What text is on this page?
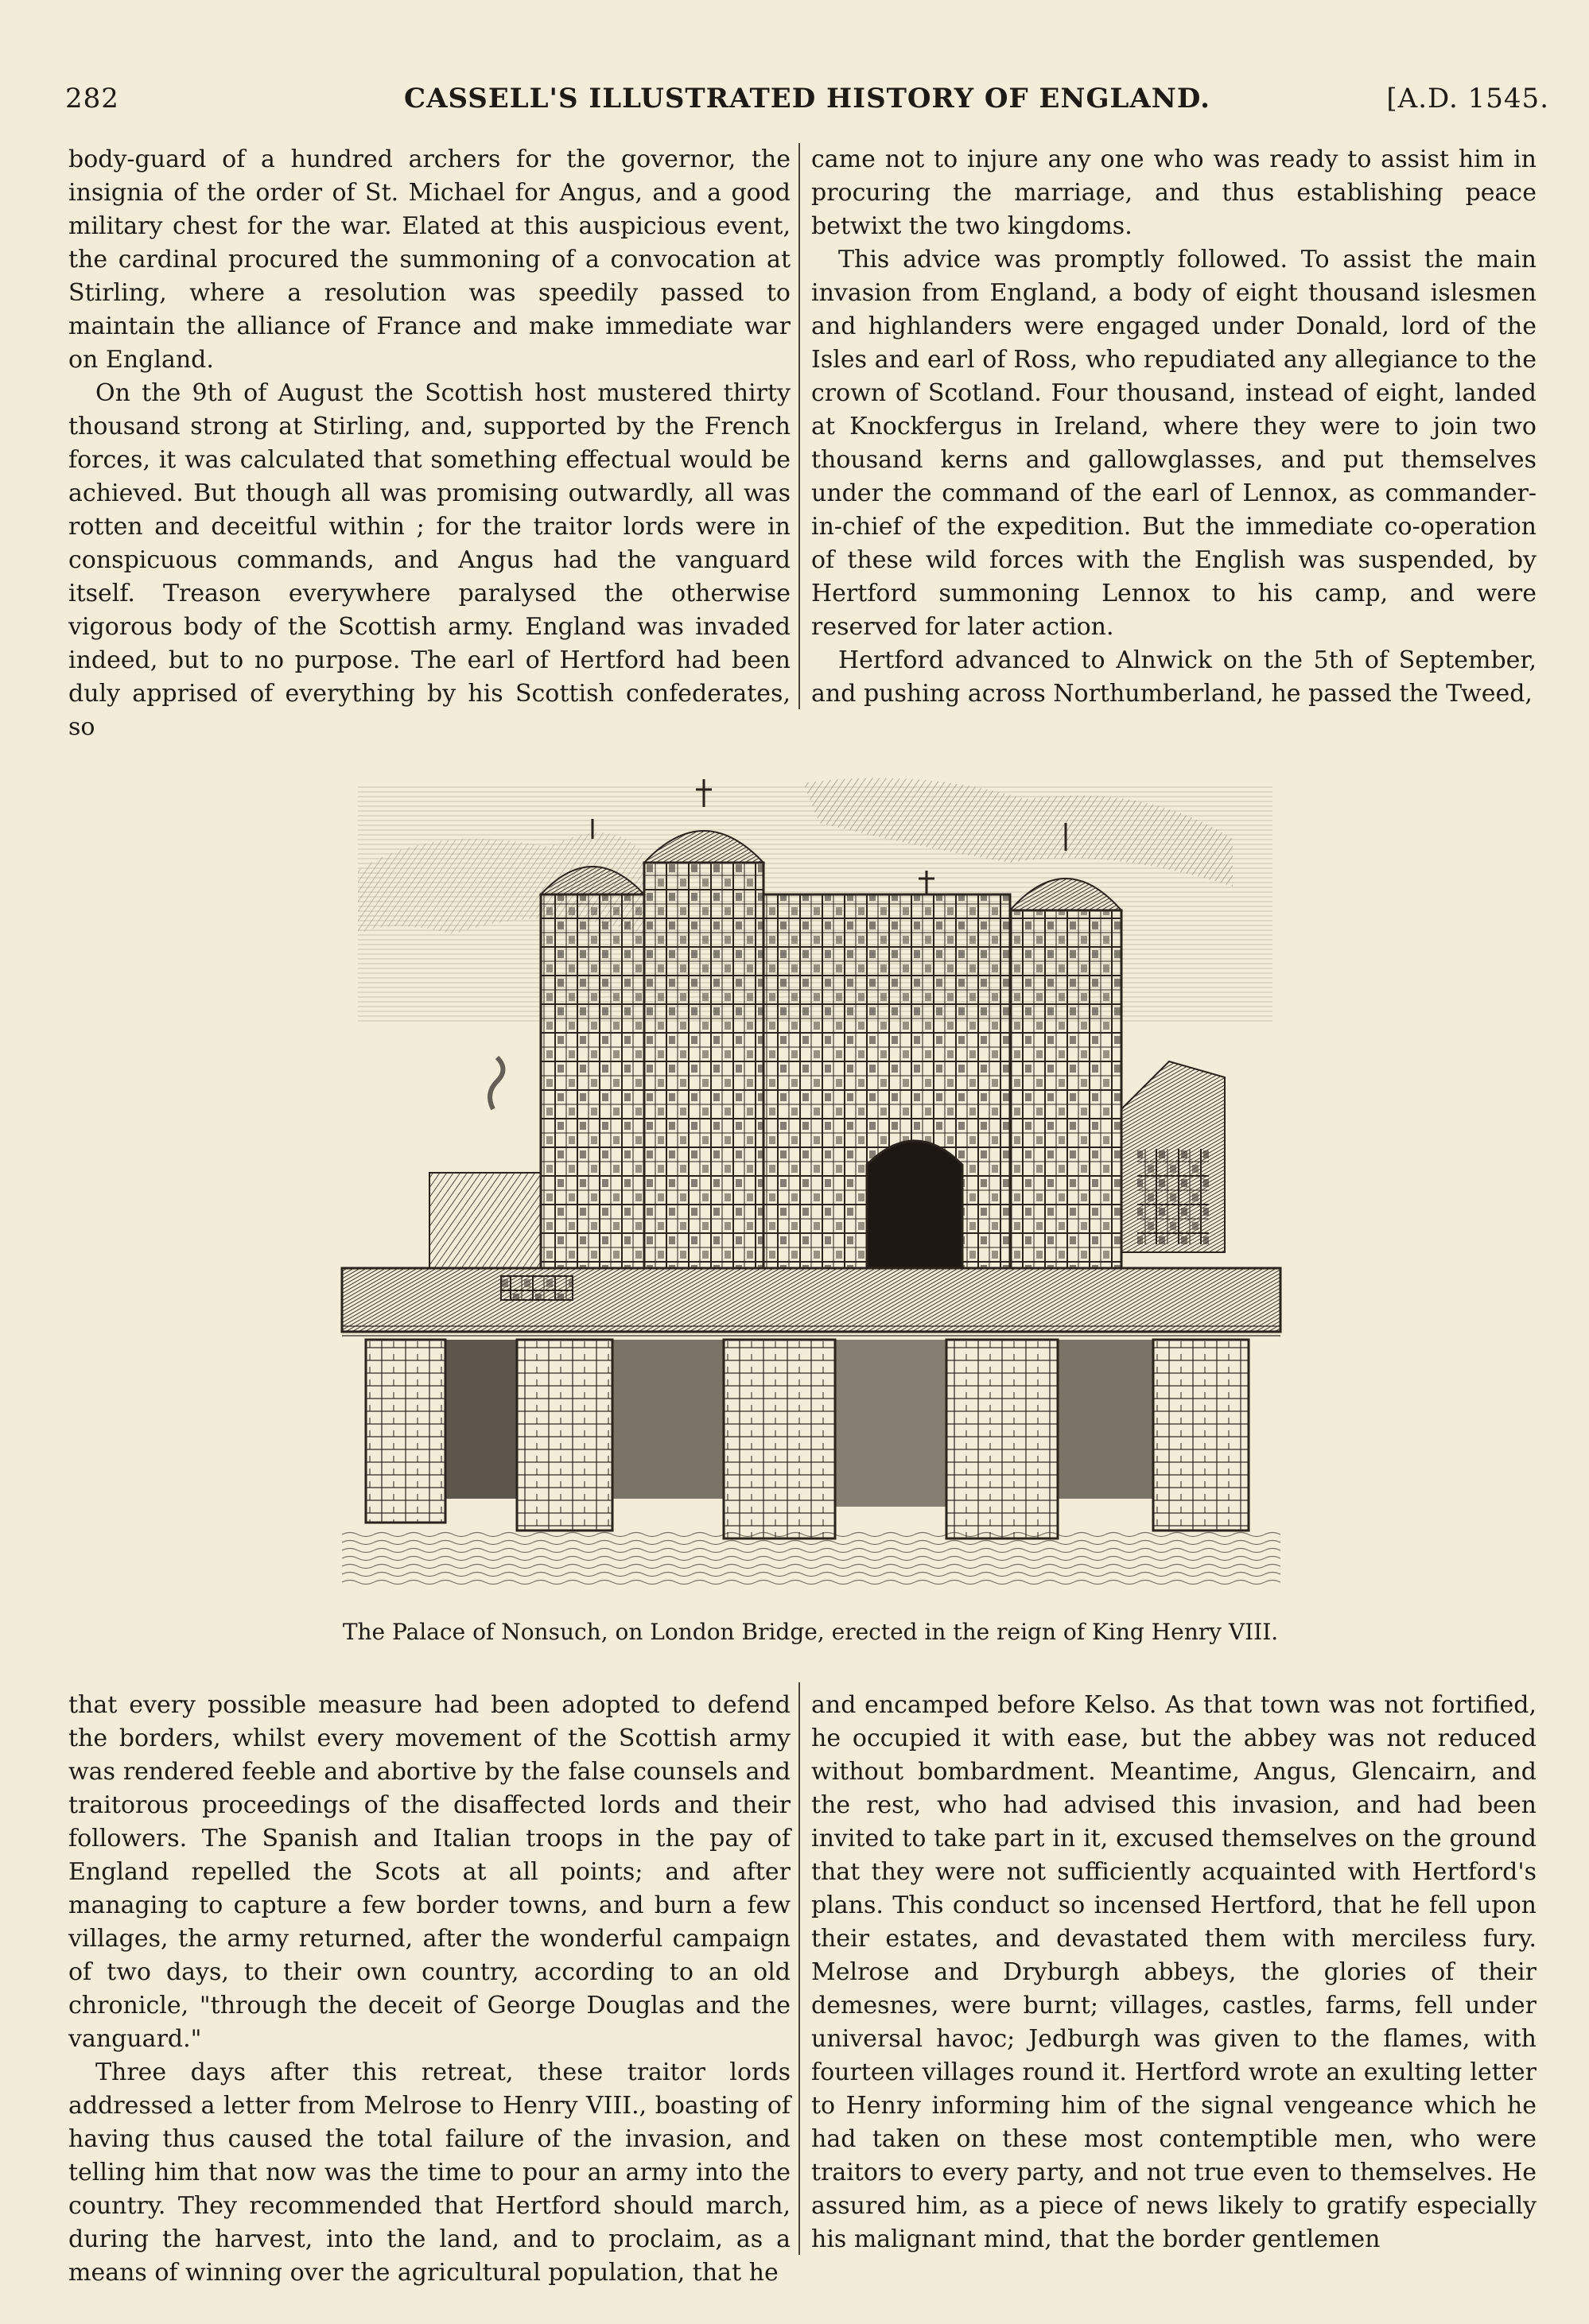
282	CASSELL'S ILLUSTRATED HISTORY OF ENGLAND.	[A.D. 1545.

body-guard of a hundred archers for the governor, the insignia of the order of St. Michael for Angus, and a good military chest for the war. Elated at this auspicious event, the cardinal procured the summoning of a convocation at Stirling, where a resolution was speedily passed to maintain the alliance of France and make immediate war on England.

On the 9th of August the Scottish host mustered thirty thousand strong at Stirling, and, supported by the French forces, it was calculated that something effectual would be achieved. But though all was promising outwardly, all was rotten and deceitful within ; for the traitor lords were in conspicuous commands, and Angus had the vanguard itself. Treason everywhere paralysed the otherwise vigorous body of the Scottish army. England was invaded indeed, but to no purpose. The earl of Hertford had been duly apprised of everything by his Scottish confederates, so

came not to injure any one who was ready to assist him in procuring the marriage, and thus establishing peace betwixt the two kingdoms.

This advice was promptly followed. To assist the main invasion from England, a body of eight thousand islesmen and highlanders were engaged under Donald, lord of the Isles and earl of Ross, who repudiated any allegiance to the crown of Scotland. Four thousand, instead of eight, landed at Knockfergus in Ireland, where they were to join two thousand kerns and gallowglasses, and put themselves under the command of the earl of Lennox, as commander-in-chief of the expedition. But the immediate co-operation of these wild forces with the English was suspended, by Hertford summoning Lennox to his camp, and were reserved for later action.

Hertford advanced to Alnwick on the 5th of September, and pushing across Northumberland, he passed the Tweed,

The Palace of Nonsuch, on London Bridge, erected in the reign of King Henry VIII.

that every possible measure had been adopted to defend the borders, whilst every movement of the Scottish army was rendered feeble and abortive by the false counsels and traitorous proceedings of the disaffected lords and their followers. The Spanish and Italian troops in the pay of England repelled the Scots at all points; and after managing to capture a few border towns, and burn a few villages, the army returned, after the wonderful campaign of two days, to their own country, according to an old chronicle, "through the deceit of George Douglas and the vanguard."

Three days after this retreat, these traitor lords addressed a letter from Melrose to Henry VIII., boasting of having thus caused the total failure of the invasion, and telling him that now was the time to pour an army into the country. They recommended that Hertford should march, during the harvest, into the land, and to proclaim, as a means of winning over the agricultural population, that he

and encamped before Kelso. As that town was not fortified, he occupied it with ease, but the abbey was not reduced without bombardment. Meantime, Angus, Glencairn, and the rest, who had advised this invasion, and had been invited to take part in it, excused themselves on the ground that they were not sufficiently acquainted with Hertford's plans. This conduct so incensed Hertford, that he fell upon their estates, and devastated them with merciless fury. Melrose and Dryburgh abbeys, the glories of their demesnes, were burnt; villages, castles, farms, fell under universal havoc; Jedburgh was given to the flames, with fourteen villages round it. Hertford wrote an exulting letter to Henry informing him of the signal vengeance which he had taken on these most contemptible men, who were traitors to every party, and not true even to themselves. He assured him, as a piece of news likely to gratify especially his malignant mind, that the border gentlemen
